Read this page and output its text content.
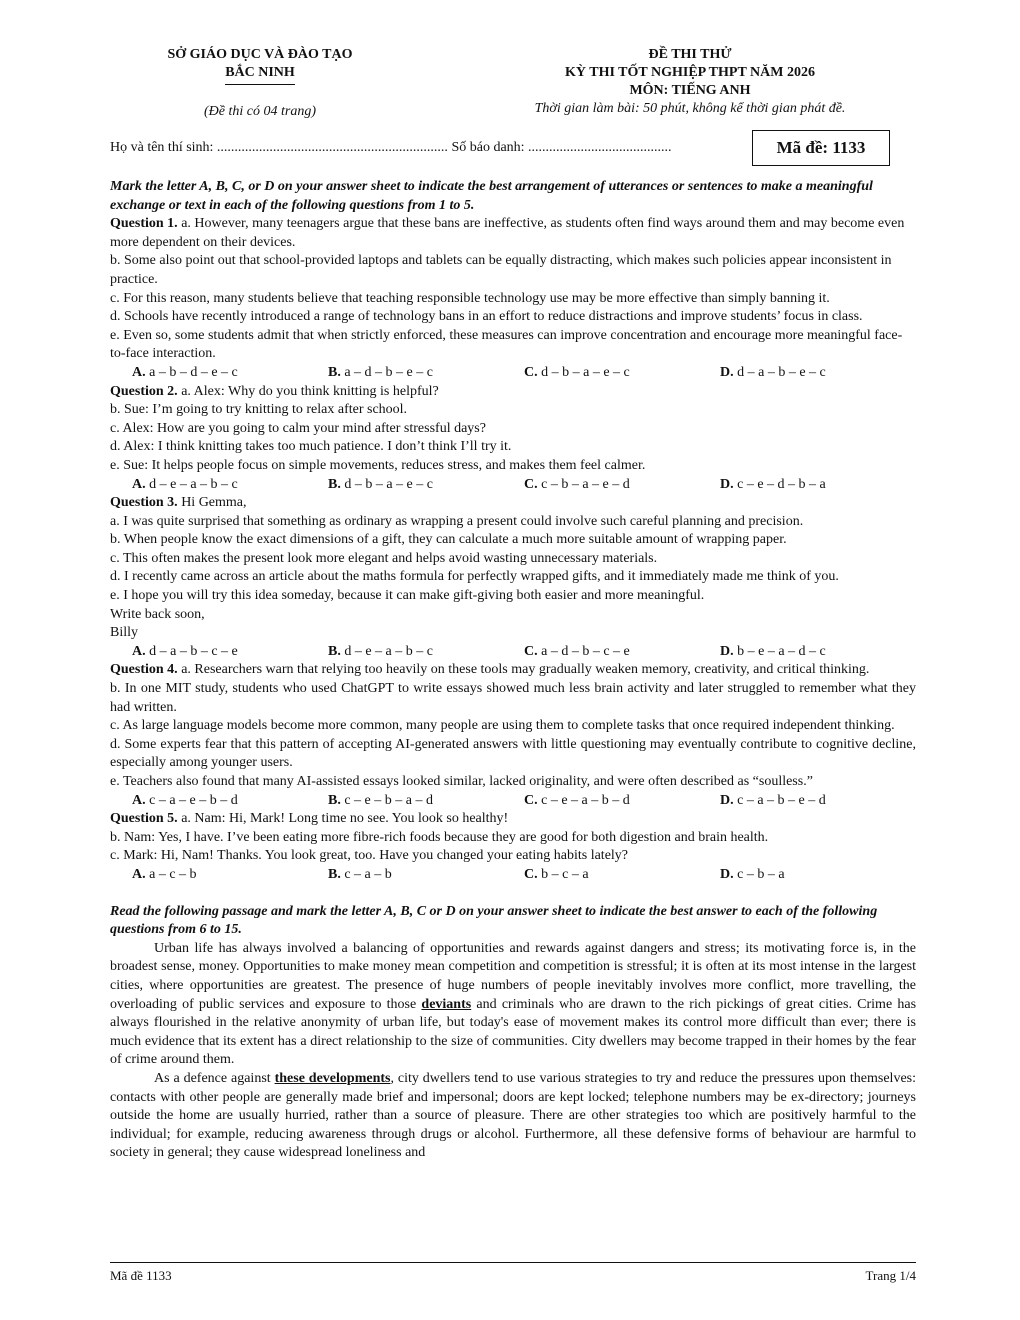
SỞ GIÁO DỤC VÀ ĐÀO TẠO
BẮC NINH
(Đề thi có 04 trang)
ĐỀ THI THỬ
KỲ THI TỐT NGHIỆP THPT NĂM 2026
MÔN: TIẾNG ANH
Thời gian làm bài: 50 phút, không kể thời gian phát đề.
Họ và tên thí sinh: .................................................................. Số báo danh: .........................................	Mã đề: 1133

Mark the letter A, B, C, or D on your answer sheet to indicate the best arrangement of utterances or sentences to make a meaningful exchange or text in each of the following questions from 1 to 5.

Question 1. a. However, many teenagers argue that these bans are ineffective, as students often find ways around them and may become even more dependent on their devices.

b. Some also point out that school-provided laptops and tablets can be equally distracting, which makes such policies appear inconsistent in practice.

c. For this reason, many students believe that teaching responsible technology use may be more effective than simply banning it.

d. Schools have recently introduced a range of technology bans in an effort to reduce distractions and improve students’ focus in class.

e. Even so, some students admit that when strictly enforced, these measures can improve concentration and encourage more meaningful face-to-face interaction.

A. a – b – d – e – c	B. a – d – b – e – c	C. d – b – a – e – c	D. d – a – b – e – c

Question 2. a. Alex: Why do you think knitting is helpful?

b. Sue: I’m going to try knitting to relax after school.

c. Alex: How are you going to calm your mind after stressful days?

d. Alex: I think knitting takes too much patience. I don’t think I’ll try it.

e. Sue: It helps people focus on simple movements, reduces stress, and makes them feel calmer.

A. d – e – a – b – c	B. d – b – a – e – c	C. c – b – a – e – d	D. c – e – d – b – a

Question 3. Hi Gemma,

a. I was quite surprised that something as ordinary as wrapping a present could involve such careful planning and precision.

b. When people know the exact dimensions of a gift, they can calculate a much more suitable amount of wrapping paper.

c. This often makes the present look more elegant and helps avoid wasting unnecessary materials.

d. I recently came across an article about the maths formula for perfectly wrapped gifts, and it immediately made me think of you.

e. I hope you will try this idea someday, because it can make gift-giving both easier and more meaningful.

Write back soon,

Billy

A. d – a – b – c – e	B. d – e – a – b – c	C. a – d – b – c – e	D. b – e – a – d – c

Question 4. a. Researchers warn that relying too heavily on these tools may gradually weaken memory, creativity, and critical thinking.

b. In one MIT study, students who used ChatGPT to write essays showed much less brain activity and later struggled to remember what they had written.

c. As large language models become more common, many people are using them to complete tasks that once required independent thinking.

d. Some experts fear that this pattern of accepting AI-generated answers with little questioning may eventually contribute to cognitive decline, especially among younger users.

e. Teachers also found that many AI-assisted essays looked similar, lacked originality, and were often described as “soulless.”

A. c – a – e – b – d	B. c – e – b – a – d	C. c – e – a – b – d	D. c – a – b – e – d

Question 5. a. Nam: Hi, Mark! Long time no see. You look so healthy!

b. Nam: Yes, I have. I’ve been eating more fibre-rich foods because they are good for both digestion and brain health.

c. Mark: Hi, Nam! Thanks. You look great, too. Have you changed your eating habits lately?

A. a – c – b	B. c – a – b	C. b – c – a	D. c – b – a

Read the following passage and mark the letter A, B, C or D on your answer sheet to indicate the best answer to each of the following questions from 6 to 15.

Urban life has always involved a balancing of opportunities and rewards against dangers and stress; its motivating force is, in the broadest sense, money. Opportunities to make money mean competition and competition is stressful; it is often at its most intense in the largest cities, where opportunities are greatest. The presence of huge numbers of people inevitably involves more conflict, more travelling, the overloading of public services and exposure to those deviants and criminals who are drawn to the rich pickings of great cities. Crime has always flourished in the relative anonymity of urban life, but today's ease of movement makes its control more difficult than ever; there is much evidence that its extent has a direct relationship to the size of communities. City dwellers may become trapped in their homes by the fear of crime around them.

As a defence against these developments, city dwellers tend to use various strategies to try and reduce the pressures upon themselves: contacts with other people are generally made brief and impersonal; doors are kept locked; telephone numbers may be ex-directory; journeys outside the home are usually hurried, rather than a source of pleasure. There are other strategies too which are positively harmful to the individual; for example, reducing awareness through drugs or alcohol. Furthermore, all these defensive forms of behaviour are harmful to society in general; they cause widespread loneliness and

Mã đề 1133	Trang 1/4
